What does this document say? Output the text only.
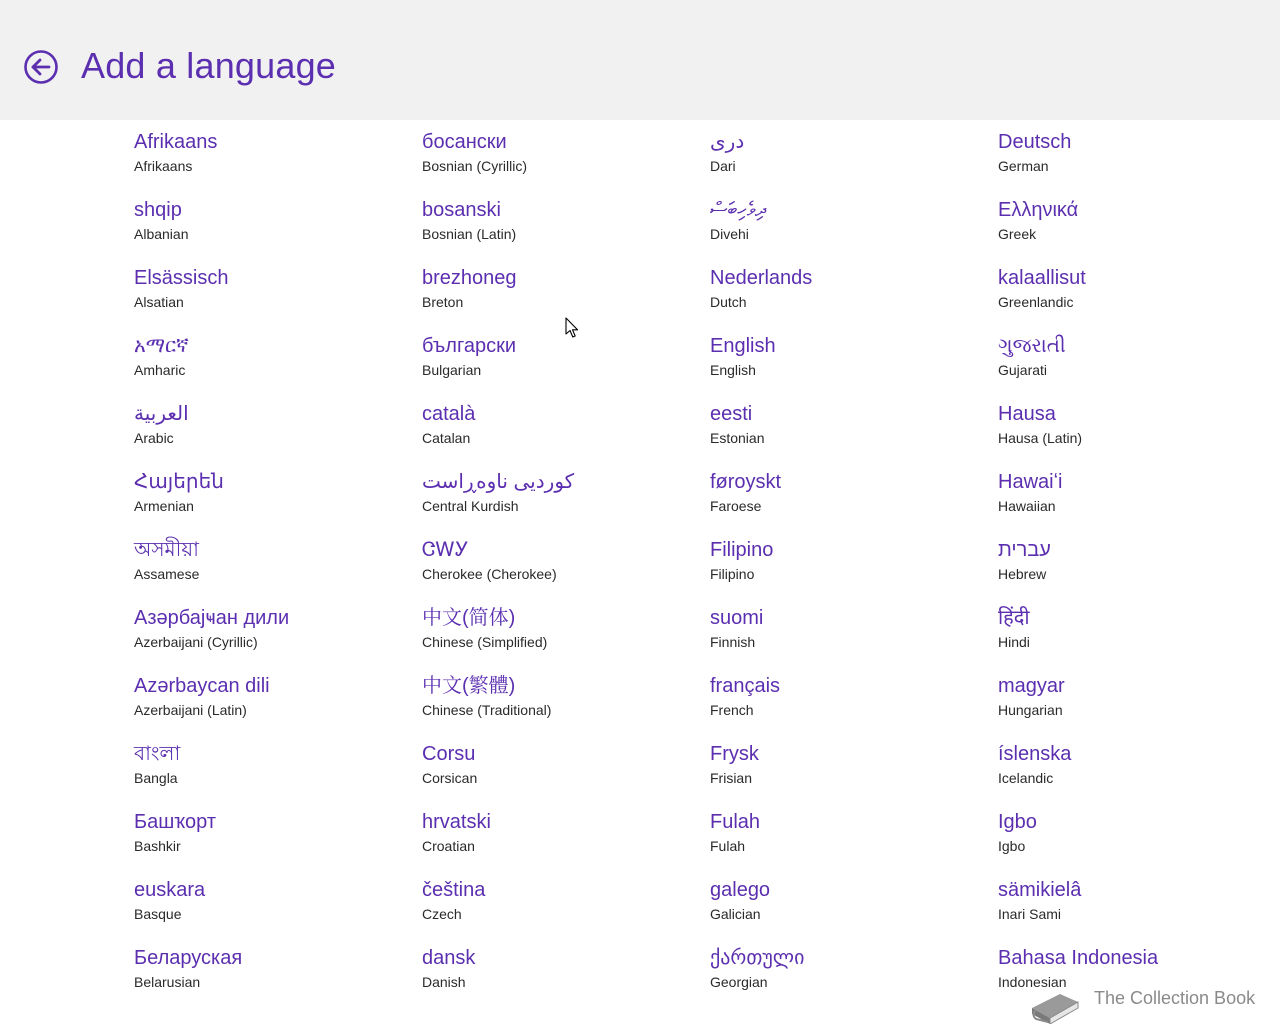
Add a language
Afrikaans
Afrikaans
shqip
Albanian
Elsässisch
Alsatian
አማርኛ
Amharic
العربية
Arabic
Հայերեն
Armenian
অসমীয়া
Assamese
Азәрбајҹан дили
Azerbaijani (Cyrillic)
Azərbaycan dili
Azerbaijani (Latin)
বাংলা
Bangla
Башҡорт
Bashkir
euskara
Basque
Беларуская
Belarusian
босански
Bosnian (Cyrillic)
bosanski
Bosnian (Latin)
brezhoneg
Breton
български
Bulgarian
català
Catalan
کوردیی ناوەڕاست
Central Kurdish
ᏣᎳᎩ
Cherokee (Cherokee)
中文(简体)
Chinese (Simplified)
中文(繁體)
Chinese (Traditional)
Corsu
Corsican
hrvatski
Croatian
čeština
Czech
dansk
Danish
درى
Dari
ދިވެހިބަސް
Divehi
Nederlands
Dutch
English
English
eesti
Estonian
føroyskt
Faroese
Filipino
Filipino
suomi
Finnish
français
French
Frysk
Frisian
Fulah
Fulah
galego
Galician
ქართული
Georgian
Deutsch
German
Ελληνικά
Greek
kalaallisut
Greenlandic
ગુજરાતી
Gujarati
Hausa
Hausa (Latin)
Hawaiʻi
Hawaiian
עברית
Hebrew
हिंदी
Hindi
magyar
Hungarian
íslenska
Icelandic
Igbo
Igbo
sämikielâ
Inari Sami
Bahasa Indonesia
Indonesian
The Collection Book
